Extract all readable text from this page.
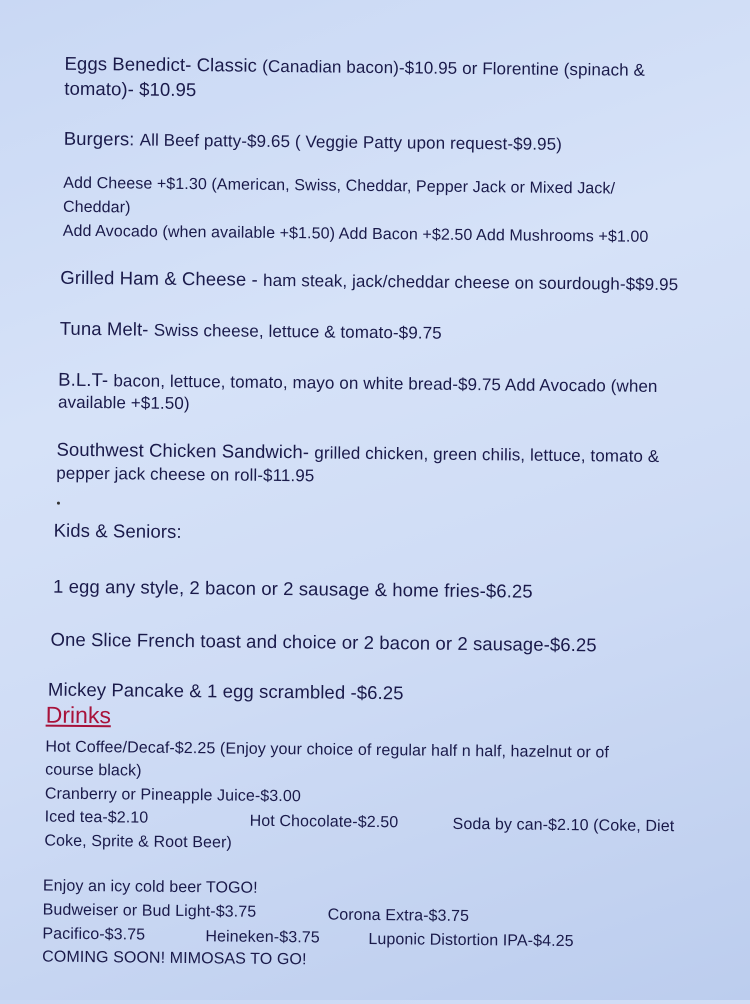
Eggs Benedict- Classic (Canadian bacon)-$10.95 or Florentine (spinach &
tomato)- $10.95
Burgers: All Beef patty-$9.65 ( Veggie Patty upon request-$9.95)
Add Cheese +$1.30 (American, Swiss, Cheddar, Pepper Jack or Mixed Jack/
Cheddar)
Add Avocado (when available +$1.50) Add Bacon +$2.50 Add Mushrooms +$1.00
Grilled Ham & Cheese - ham steak, jack/cheddar cheese on sourdough-$$9.95
Tuna Melt- Swiss cheese, lettuce & tomato-$9.75
B.L.T- bacon, lettuce, tomato, mayo on white bread-$9.75 Add Avocado (when
available +$1.50)
Southwest Chicken Sandwich- grilled chicken, green chilis, lettuce, tomato &
pepper jack cheese on roll-$11.95
Kids & Seniors:
1 egg any style, 2 bacon or 2 sausage & home fries-$6.25
One Slice French toast and choice or 2 bacon or 2 sausage-$6.25
Mickey Pancake & 1 egg scrambled -$6.25
Drinks
Hot Coffee/Decaf-$2.25 (Enjoy your choice of regular half n half, hazelnut or of
course black)
Cranberry or Pineapple Juice-$3.00
Iced tea-$2.10	Hot Chocolate-$2.50	Soda by can-$2.10 (Coke, Diet
Coke, Sprite & Root Beer)
Enjoy an icy cold beer TOGO!
Budweiser or Bud Light-$3.75	Corona Extra-$3.75
Pacifico-$3.75	Heineken-$3.75	Luponic Distortion IPA-$4.25
COMING SOON! MIMOSAS TO GO!
